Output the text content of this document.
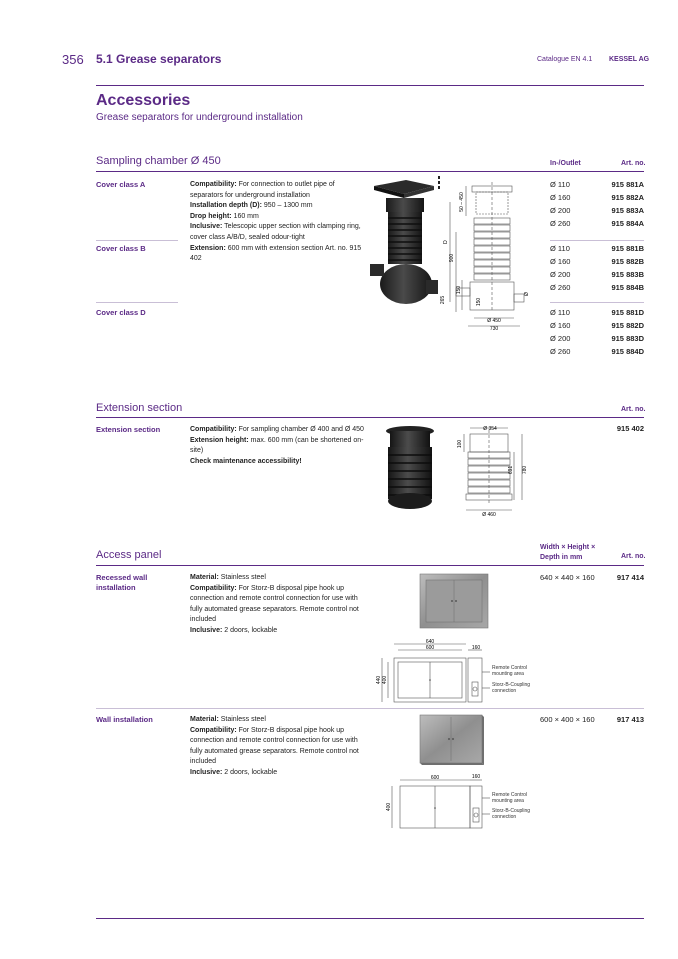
356 5.1 Grease separators	Catalogue EN 4.1 KESSEL AG
Accessories
Grease separators for underground installation
Sampling chamber Ø 450	In-/Outlet	Art. no.
Cover class A
Cover class B
Cover class D
Compatibility: For connection to outlet pipe of separators for underground installation
Installation depth (D): 950 – 1300 mm
Drop height: 160 mm
Inclusive: Telescopic upper section with clamping ring, cover class A/B/D, sealed odour-tight
Extension: 600 mm with extension section Art. no. 915 402
Ø 110	915 881A
Ø 160	915 882A
Ø 200	915 883A
Ø 260	915 884A
Ø 110	915 881B
Ø 160	915 882B
Ø 200	915 883B
Ø 260	915 884B
Ø 110	915 881D
Ø 160	915 882D
Ø 200	915 883D
Ø 260	915 884D
50 – 450
D
900
150
150
265
Ø 450
730
Ø
Extension section	Art. no.
Extension section	915 402
Compatibility: For sampling chamber Ø 400 and Ø 450
Extension height: max. 600 mm (can be shortened on-site)
Check maintenance accessibility!
Ø 354
100
691 780
Ø 460
Access panel
Width × Height × Depth in mm	Art. no.
Recessed wall installation
640 × 440 × 160	917 414
Material: Stainless steel
Compatibility: For Storz-B disposal pipe hook up connection and remote control connection for use with fully automated grease separators. Remote control not included
Inclusive: 2 doors, lockable
640
600	160
440 400
Remote Control mounting area
Storz-B-Coupling connection
Wall installation	600 × 400 × 160	917 413
Material: Stainless steel
Compatibility: For Storz-B disposal pipe hook up connection and remote control connection for use with fully automated grease separators. Remote control not included
Inclusive: 2 doors, lockable
600	160
400
Remote Control mounting area
Storz-B-Coupling connection
